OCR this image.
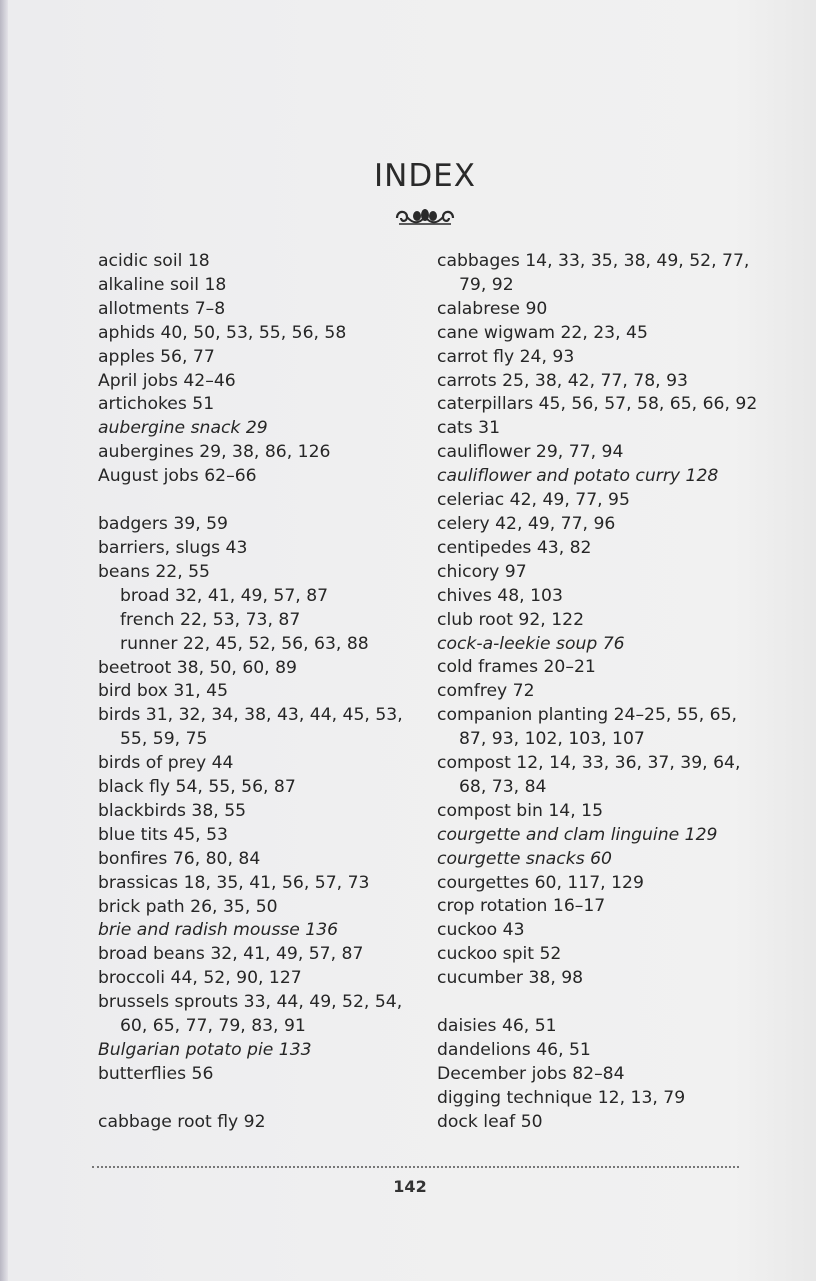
INDEX
acidic soil 18
alkaline soil 18
allotments 7–8
aphids 40, 50, 53, 55, 56, 58
apples 56, 77
April jobs 42–46
artichokes 51
aubergine snack 29
aubergines 29, 38, 86, 126
August jobs 62–66
badgers 39, 59
barriers, slugs 43
beans 22, 55
broad 32, 41, 49, 57, 87
french 22, 53, 73, 87
runner 22, 45, 52, 56, 63, 88
beetroot 38, 50, 60, 89
bird box 31, 45
birds 31, 32, 34, 38, 43, 44, 45, 53,
55, 59, 75
birds of prey 44
black fly 54, 55, 56, 87
blackbirds 38, 55
blue tits 45, 53
bonfires 76, 80, 84
brassicas 18, 35, 41, 56, 57, 73
brick path 26, 35, 50
brie and radish mousse 136
broad beans 32, 41, 49, 57, 87
broccoli 44, 52, 90, 127
brussels sprouts 33, 44, 49, 52, 54,
60, 65, 77, 79, 83, 91
Bulgarian potato pie 133
butterflies 56
cabbage root fly 92
cabbages 14, 33, 35, 38, 49, 52, 77,
79, 92
calabrese 90
cane wigwam 22, 23, 45
carrot fly 24, 93
carrots 25, 38, 42, 77, 78, 93
caterpillars 45, 56, 57, 58, 65, 66, 92
cats 31
cauliflower 29, 77, 94
cauliflower and potato curry 128
celeriac 42, 49, 77, 95
celery 42, 49, 77, 96
centipedes 43, 82
chicory 97
chives 48, 103
club root 92, 122
cock-a-leekie soup 76
cold frames 20–21
comfrey 72
companion planting 24–25, 55, 65,
87, 93, 102, 103, 107
compost 12, 14, 33, 36, 37, 39, 64,
68, 73, 84
compost bin 14, 15
courgette and clam linguine 129
courgette snacks 60
courgettes 60, 117, 129
crop rotation 16–17
cuckoo 43
cuckoo spit 52
cucumber 38, 98
daisies 46, 51
dandelions 46, 51
December jobs 82–84
digging technique 12, 13, 79
dock leaf 50
142
